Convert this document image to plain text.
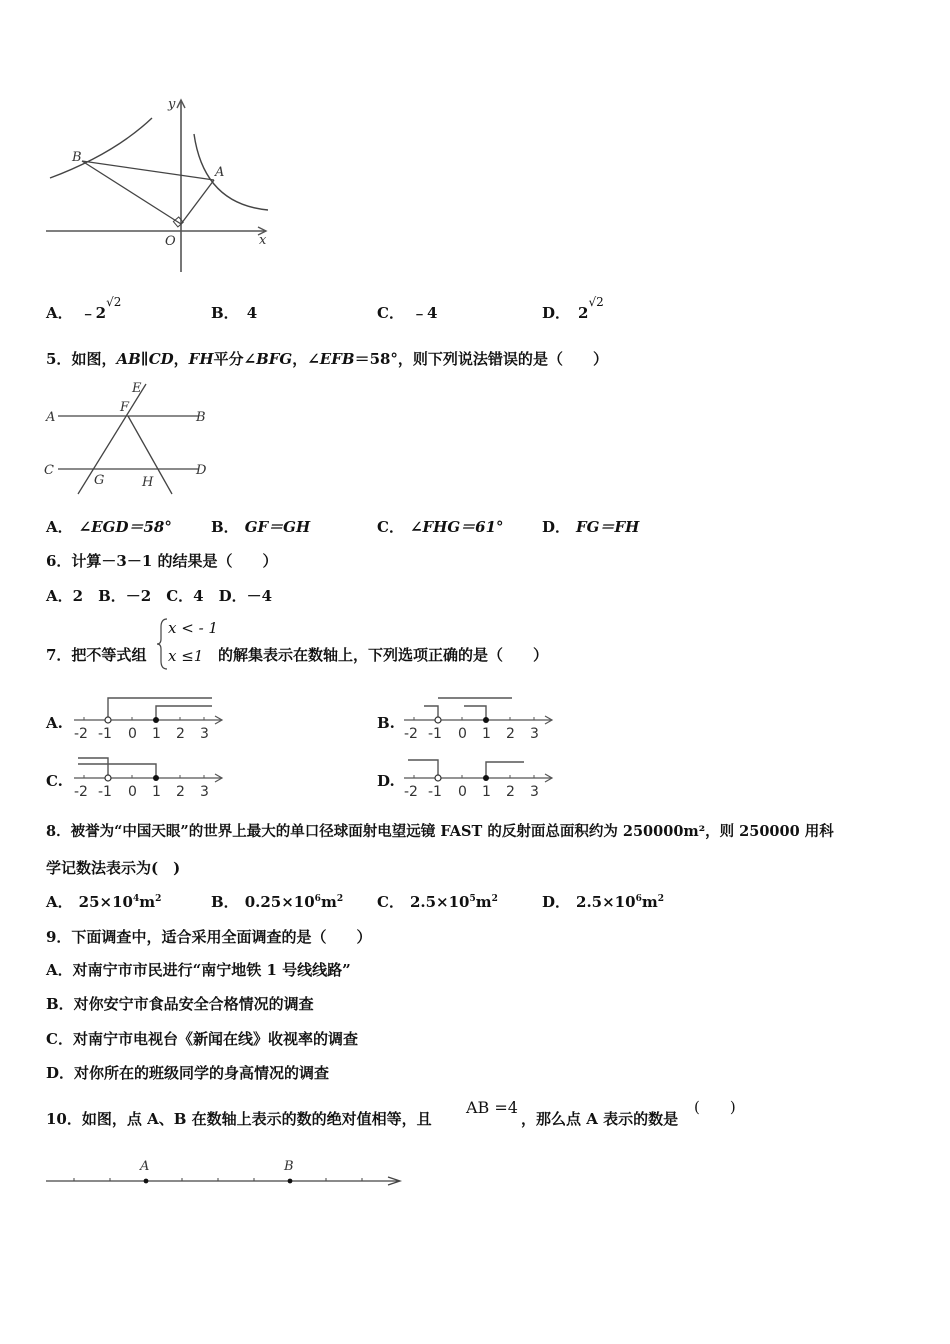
y
x
O
A
B
A． $﹣2^{√2}$
B． 4	C． ﹣4	D． $2^{√2}$
5．如图，AB∥CD，FH平分∠BFG，∠EFB＝58°，则下列说法错误的是（　　）
A	B
C	D
E
F
G	H
A． ∠EGD＝58°	B． GF＝GH	C． ∠FHG＝61°	D． FG＝FH
6．计算－3－1 的结果是（　　）
A．2　B．－2　C．4　D．－4
7．把不等式组
x < - 1
x ≤1 的解集表示在数轴上，下列选项正确的是（　　）
A.
-2 -1 0 1 2 3
B.
-2 -1 0 1 2 3
C.
-2 -1 0 1 2 3
D.
-2 -1 0 1 2 3
8．被誉为“中国天眼”的世界上最大的单口径球面射电望远镜 FAST 的反射面总面积约为 250000m²，则 250000 用科
学记数法表示为(　)
A． $25\times 10^4m^2$	B． $0.25\times 10^6m^2$ C． $2.5\times 10^5m^2$	D． $2.5\times 10^6m^2$
9．下面调查中，适合采用全面调查的是（　　）
A．对南宁市市民进行“南宁地铁 1 号线线路”
B．对你安宁市食品安全合格情况的调查
C．对南宁市电视台《新闻在线》收视率的调查
D．对你所在的班级同学的身高情况的调查
10．如图，点 A、B 在数轴上表示的数的绝对值相等，且
AB =4
，那么点 A 表示的数是
(　　)
A	B
